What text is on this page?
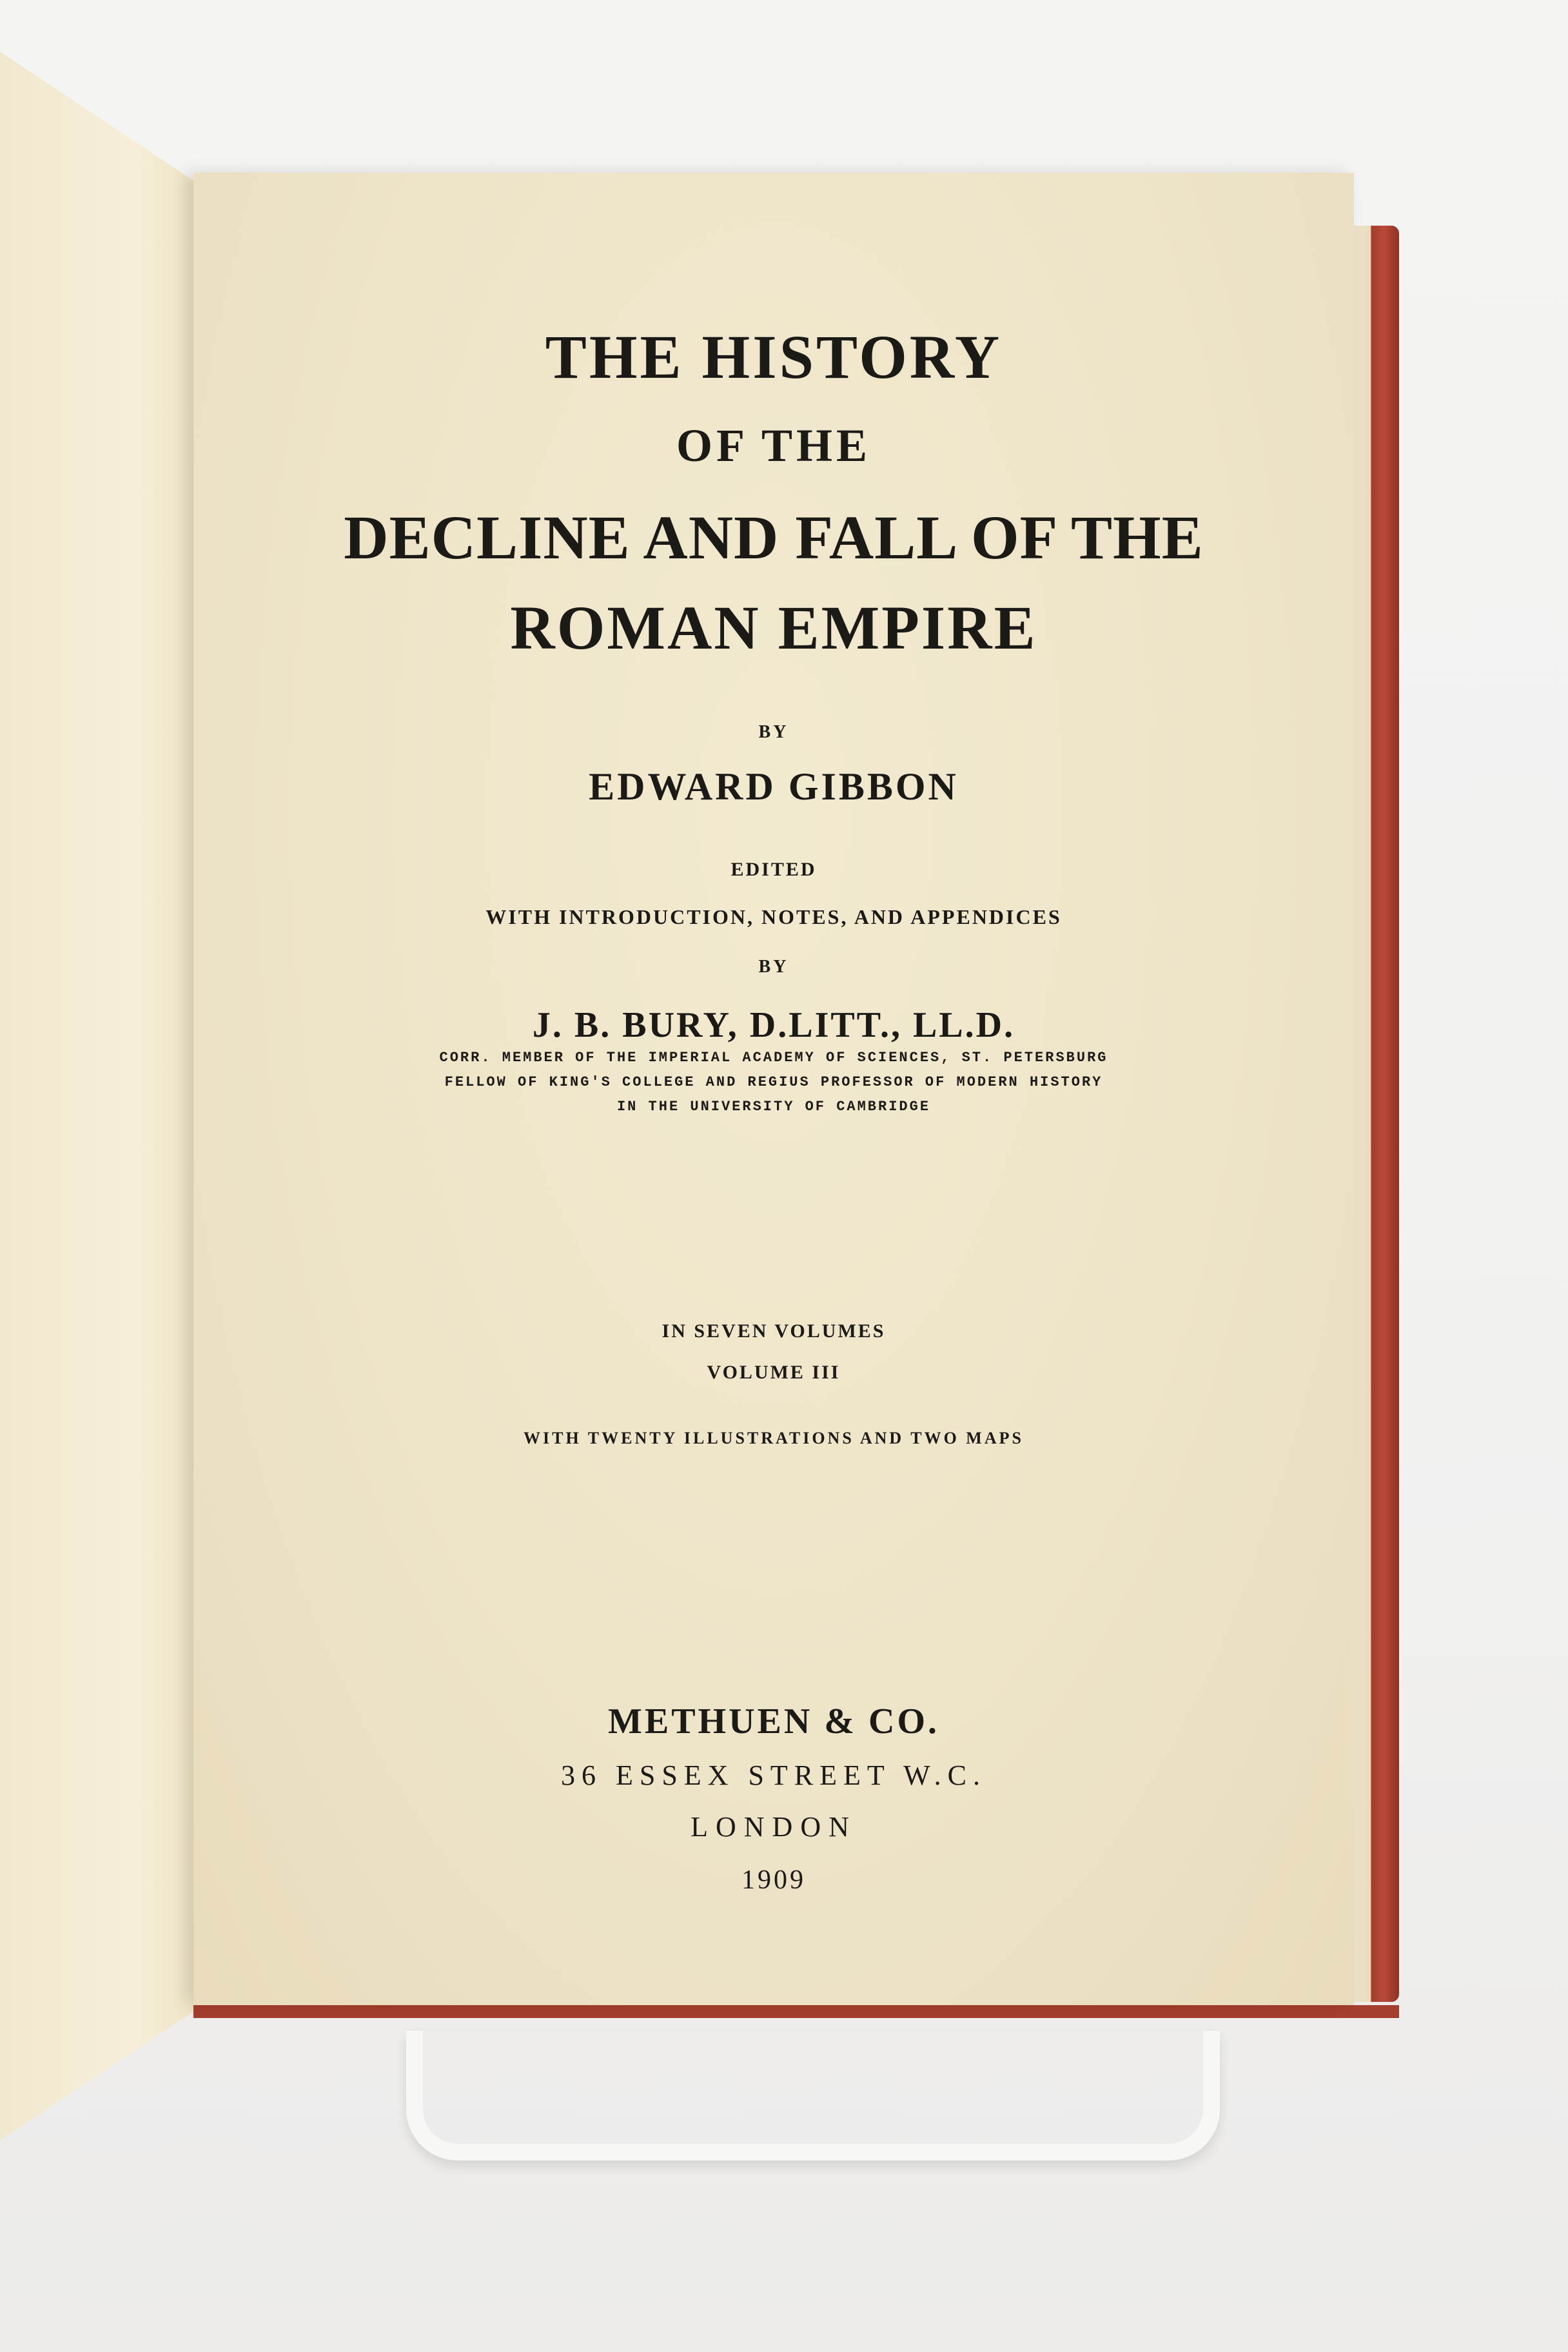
THE HISTORY
OF THE
DECLINE AND FALL OF THE
ROMAN EMPIRE
BY
EDWARD GIBBON
EDITED
WITH INTRODUCTION, NOTES, AND APPENDICES
BY
J. B. BURY, D.LITT., LL.D.
CORR. MEMBER OF THE IMPERIAL ACADEMY OF SCIENCES, ST. PETERSBURG
FELLOW OF KING'S COLLEGE AND REGIUS PROFESSOR OF MODERN HISTORY
IN THE UNIVERSITY OF CAMBRIDGE
IN SEVEN VOLUMES
VOLUME III
WITH TWENTY ILLUSTRATIONS AND TWO MAPS
METHUEN & CO.
36 ESSEX STREET W.C.
LONDON
1909
